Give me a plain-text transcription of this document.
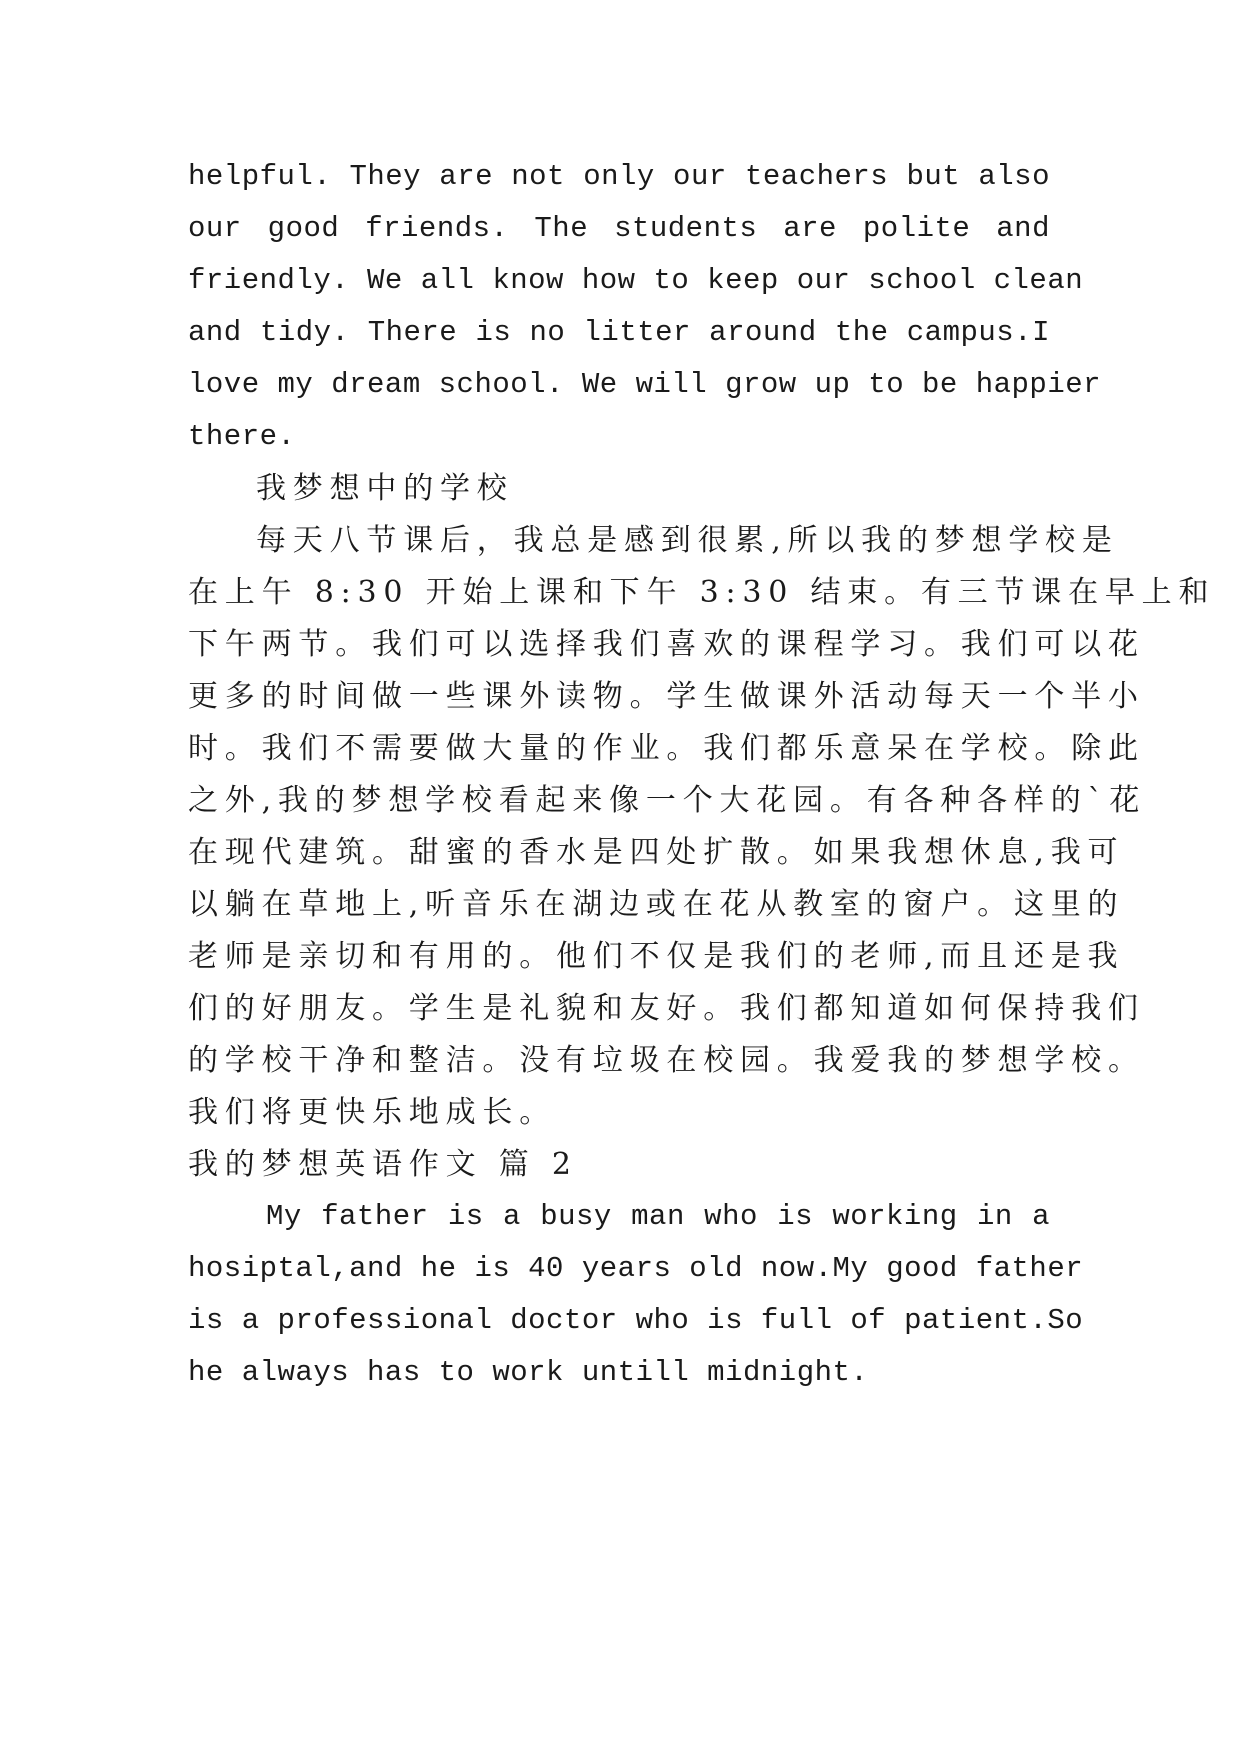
helpful. They are not only our teachers but also
our good friends. The students are polite and
friendly. We all know how to keep our school clean
and tidy. There is no litter around the campus.I
love my dream school. We will grow up to be happier
there.
我梦想中的学校
每天八节课后，我总是感到很累,所以我的梦想学校是
在上午 8:30 开始上课和下午 3:30 结束。有三节课在早上和
下午两节。我们可以选择我们喜欢的课程学习。我们可以花
更多的时间做一些课外读物。学生做课外活动每天一个半小
时。我们不需要做大量的作业。我们都乐意呆在学校。除此
之外,我的梦想学校看起来像一个大花园。有各种各样的`花
在现代建筑。甜蜜的香水是四处扩散。如果我想休息,我可
以躺在草地上,听音乐在湖边或在花从教室的窗户。这里的
老师是亲切和有用的。他们不仅是我们的老师,而且还是我
们的好朋友。学生是礼貌和友好。我们都知道如何保持我们
的学校干净和整洁。没有垃圾在校园。我爱我的梦想学校。
我们将更快乐地成长。
我的梦想英语作文 篇 2
My father is a busy man who is working in a
hosiptal,and he is 40 years old now.My good father
is a professional doctor who is full of patient.So
he always has to work untill midnight.
